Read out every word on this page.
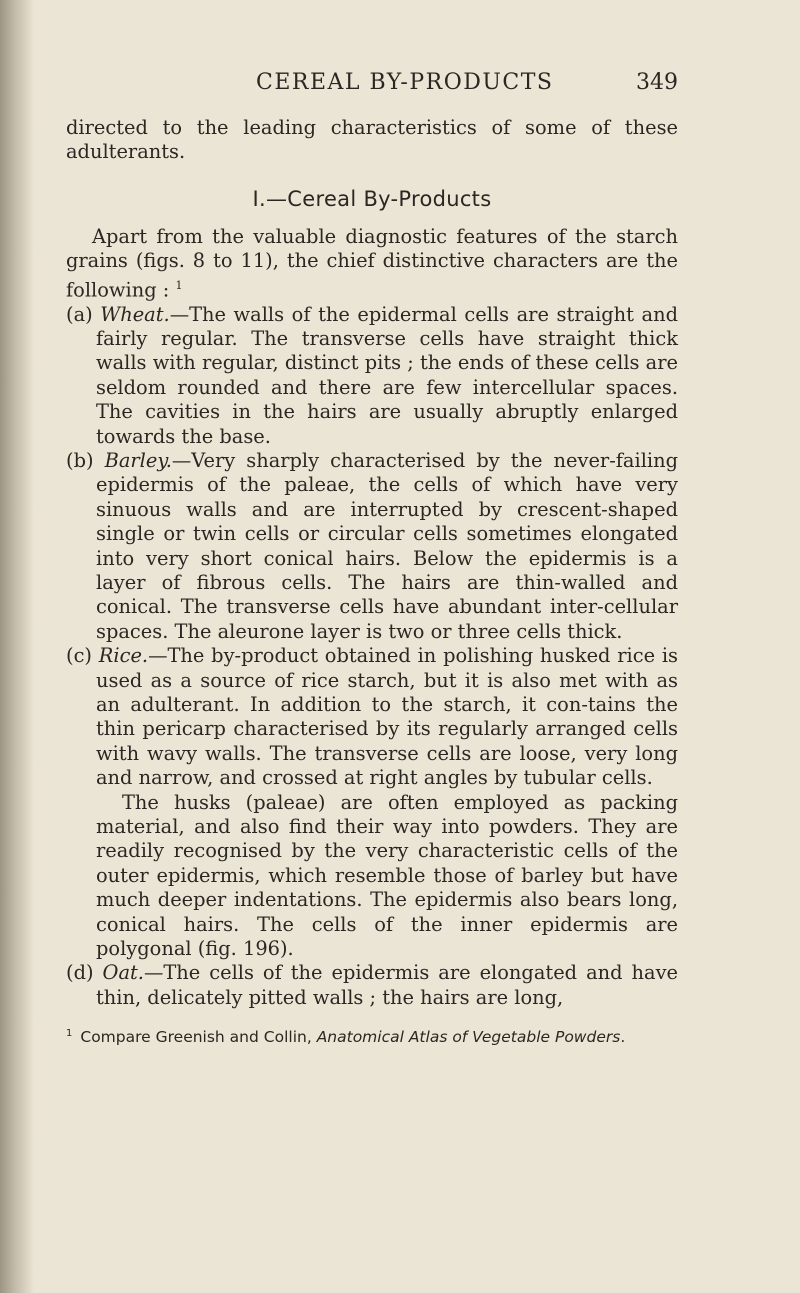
CEREAL BY-PRODUCTS	349

directed to the leading characteristics of some of these adulterants.

I.—Cereal By-Products

Apart from the valuable diagnostic features of the starch grains (figs. 8 to 11), the chief distinctive characters are the following : $^1$

(a) Wheat.—The walls of the epidermal cells are straight and fairly regular. The transverse cells have straight thick walls with regular, distinct pits ; the ends of these cells are seldom rounded and there are few intercellular spaces. The cavities in the hairs are usually abruptly enlarged towards the base.

(b) Barley.—Very sharply characterised by the never-failing epidermis of the paleae, the cells of which have very sinuous walls and are interrupted by crescent-shaped single or twin cells or circular cells sometimes elongated into very short conical hairs. Below the epidermis is a layer of fibrous cells. The hairs are thin-walled and conical. The transverse cells have abundant inter-cellular spaces. The aleurone layer is two or three cells thick.

(c) Rice.—The by-product obtained in polishing husked rice is used as a source of rice starch, but it is also met with as an adulterant. In addition to the starch, it con-tains the thin pericarp characterised by its regularly arranged cells with wavy walls. The transverse cells are loose, very long and narrow, and crossed at right angles by tubular cells.

The husks (paleae) are often employed as packing material, and also find their way into powders. They are readily recognised by the very characteristic cells of the outer epidermis, which resemble those of barley but have much deeper indentations. The epidermis also bears long, conical hairs. The cells of the inner epidermis are polygonal (fig. 196).

(d) Oat.—The cells of the epidermis are elongated and have thin, delicately pitted walls ; the hairs are long,

$^1$ Compare Greenish and Collin, Anatomical Atlas of Vegetable Powders.
